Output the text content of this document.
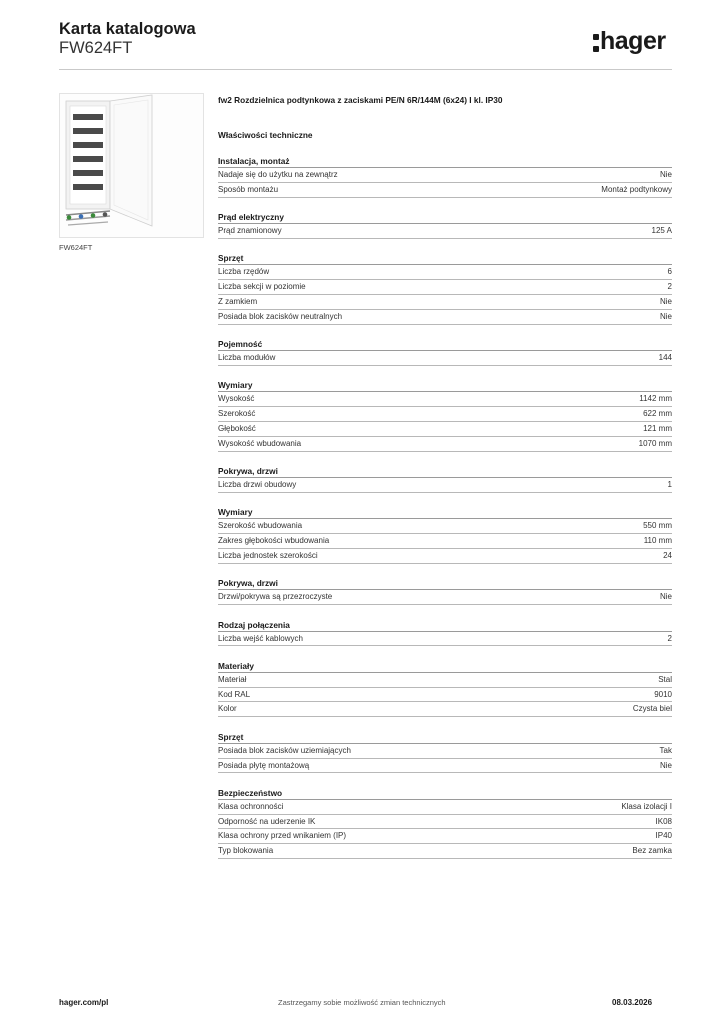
Karta katalogowa
FW624FT	hager
FW624FT
fw2 Rozdzielnica podtynkowa z zaciskami PE/N 6R/144M (6x24) I kl. IP30
Właściwości techniczne
Instalacja, montaż
Nadaje się do użytku na zewnątrz	Nie
Sposób montażu	Montaż podtynkowy
Prąd elektryczny
Prąd znamionowy	125 A
Sprzęt
Liczba rzędów	6
Liczba sekcji w poziomie	2
Z zamkiem	Nie
Posiada blok zacisków neutralnych	Nie
Pojemność
Liczba modułów	144
Wymiary
Wysokość	1142 mm
Szerokość	622 mm
Głębokość	121 mm
Wysokość wbudowania	1070 mm
Pokrywa, drzwi
Liczba drzwi obudowy	1
Wymiary
Szerokość wbudowania	550 mm
Zakres głębokości wbudowania	110 mm
Liczba jednostek szerokości	24
Pokrywa, drzwi
Drzwi/pokrywa są przezroczyste	Nie
Rodzaj połączenia
Liczba wejść kablowych	2
Materiały
Materiał	Stal
Kod RAL	9010
Kolor	Czysta biel
Sprzęt
Posiada blok zacisków uziemiających	Tak
Posiada płytę montażową	Nie
Bezpieczeństwo
Klasa ochronności	Klasa izolacji I
Odporność na uderzenie IK	IK08
Klasa ochrony przed wnikaniem (IP)	IP40
Typ blokowania	Bez zamka
hager.com/pl	Zastrzegamy sobie możliwość zmian technicznych	08.03.2026
